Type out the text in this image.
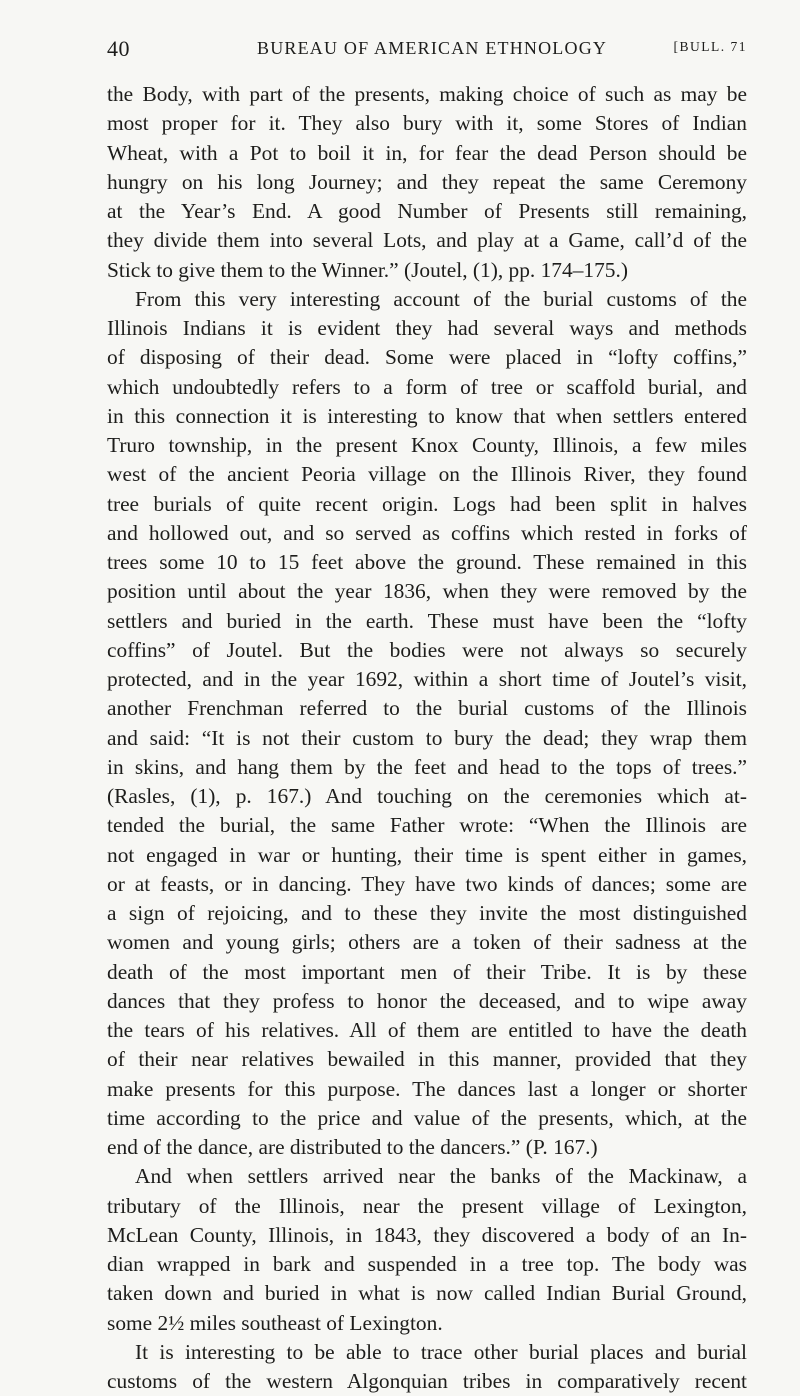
40	BUREAU OF AMERICAN ETHNOLOGY	[BULL. 71
the Body, with part of the presents, making choice of such as may be
most proper for it. They also bury with it, some Stores of Indian
Wheat, with a Pot to boil it in, for fear the dead Person should be
hungry on his long Journey; and they repeat the same Ceremony
at the Year’s End. A good Number of Presents still remaining,
they divide them into several Lots, and play at a Game, call’d of the
Stick to give them to the Winner.” (Joutel, (1), pp. 174–175.)
From this very interesting account of the burial customs of the
Illinois Indians it is evident they had several ways and methods
of disposing of their dead. Some were placed in “lofty coffins,”
which undoubtedly refers to a form of tree or scaffold burial, and
in this connection it is interesting to know that when settlers entered
Truro township, in the present Knox County, Illinois, a few miles
west of the ancient Peoria village on the Illinois River, they found
tree burials of quite recent origin. Logs had been split in halves
and hollowed out, and so served as coffins which rested in forks of
trees some 10 to 15 feet above the ground. These remained in this
position until about the year 1836, when they were removed by the
settlers and buried in the earth. These must have been the “lofty
coffins” of Joutel. But the bodies were not always so securely
protected, and in the year 1692, within a short time of Joutel’s visit,
another Frenchman referred to the burial customs of the Illinois
and said: “It is not their custom to bury the dead; they wrap them
in skins, and hang them by the feet and head to the tops of trees.”
(Rasles, (1), p. 167.) And touching on the ceremonies which at-
tended the burial, the same Father wrote: “When the Illinois are
not engaged in war or hunting, their time is spent either in games,
or at feasts, or in dancing. They have two kinds of dances; some are
a sign of rejoicing, and to these they invite the most distinguished
women and young girls; others are a token of their sadness at the
death of the most important men of their Tribe. It is by these
dances that they profess to honor the deceased, and to wipe away
the tears of his relatives. All of them are entitled to have the death
of their near relatives bewailed in this manner, provided that they
make presents for this purpose. The dances last a longer or shorter
time according to the price and value of the presents, which, at the
end of the dance, are distributed to the dancers.” (P. 167.)
And when settlers arrived near the banks of the Mackinaw, a
tributary of the Illinois, near the present village of Lexington,
McLean County, Illinois, in 1843, they discovered a body of an In-
dian wrapped in bark and suspended in a tree top. The body was
taken down and buried in what is now called Indian Burial Ground,
some 2½ miles southeast of Lexington.
It is interesting to be able to trace other burial places and burial
customs of the western Algonquian tribes in comparatively recent
